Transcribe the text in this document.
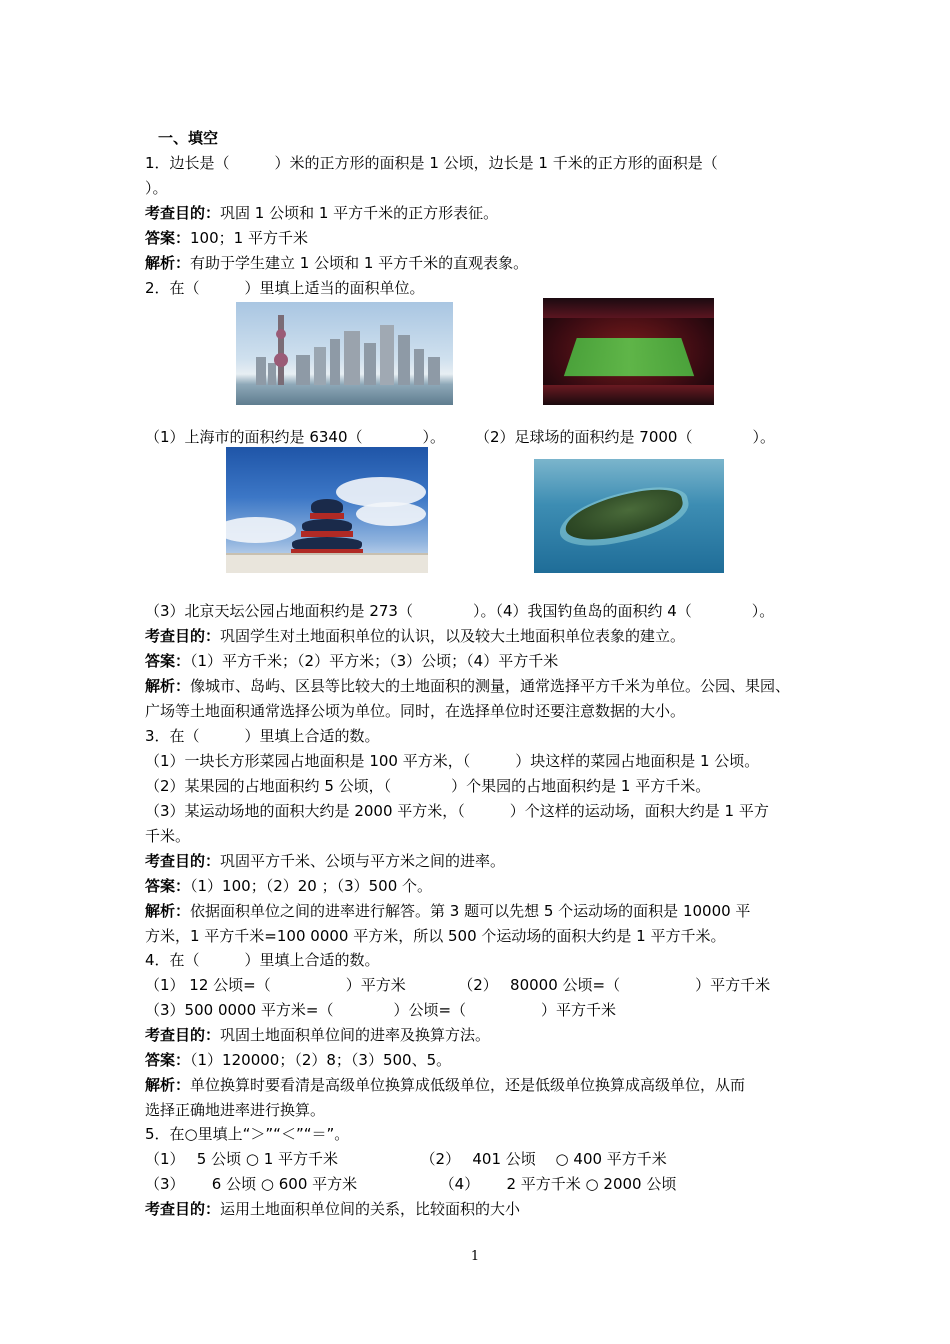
一、填空
1．边长是（　　　）米的正方形的面积是 1 公顷，边长是 1 千米的正方形的面积是（
）。
考查目的：巩固 1 公顷和 1 平方千米的正方形表征。
答案：100；1 平方千米
解析：有助于学生建立 1 公顷和 1 平方千米的直观表象。
2．在（　　　）里填上适当的面积单位。
（1）上海市的面积约是 6340（　　　　）。　　　（2）足球场的面积约是 7000（　　　　）。
（3）北京天坛公园占地面积约是 273（　　　　）。（4）我国钓鱼岛的面积约 4（　　　　）。
考查目的：巩固学生对土地面积单位的认识，以及较大土地面积单位表象的建立。
答案：（1）平方千米；（2）平方米；（3）公顷；（4）平方千米
解析：像城市、岛屿、区县等比较大的土地面积的测量，通常选择平方千米为单位。公园、果园、
广场等土地面积通常选择公顷为单位。同时，在选择单位时还要注意数据的大小。
3．在（　　　）里填上合适的数。
（1）一块长方形菜园占地面积是 100 平方米，（　　　）块这样的菜园占地面积是 1 公顷。
（2）某果园的占地面积约 5 公顷，（　　　　）个果园的占地面积约是 1 平方千米。
（3）某运动场地的面积大约是 2000 平方米，（　　　）个这样的运动场，面积大约是 1 平方
千米。
考查目的：巩固平方千米、公顷与平方米之间的进率。
答案：（1）100；（2）20 ；（3）500 个。
解析：依据面积单位之间的进率进行解答。第 3 题可以先想 5 个运动场的面积是 10000 平
方米，1 平方千米=100 0000 平方米，所以 500 个运动场的面积大约是 1 平方千米。
4．在（　　　）里填上合适的数。
（1） 12 公顷=（　　　　　）平方米　　　　（2）　 80000 公顷=（　　　　　）平方千米
（3）500 0000 平方米=（　　　　）公顷=（　　　　　）平方千米
考查目的：巩固土地面积单位间的进率及换算方法。
答案：（1）120000；（2）8；（3）500、5。
解析：单位换算时要看清是高级单位换算成低级单位，还是低级单位换算成高级单位，从而
选择正确地进率进行换算。
5．在○里填上“＞”“＜”“＝”。
（1）　 5 公顷 ○ 1 平方千米　　　　　　（2）　 401 公顷　 ○ 400 平方千米
（3）　　 6 公顷 ○ 600 平方米　　　　　　（4）　　 2 平方千米 ○ 2000 公顷
考查目的：运用土地面积单位间的关系，比较面积的大小
1
